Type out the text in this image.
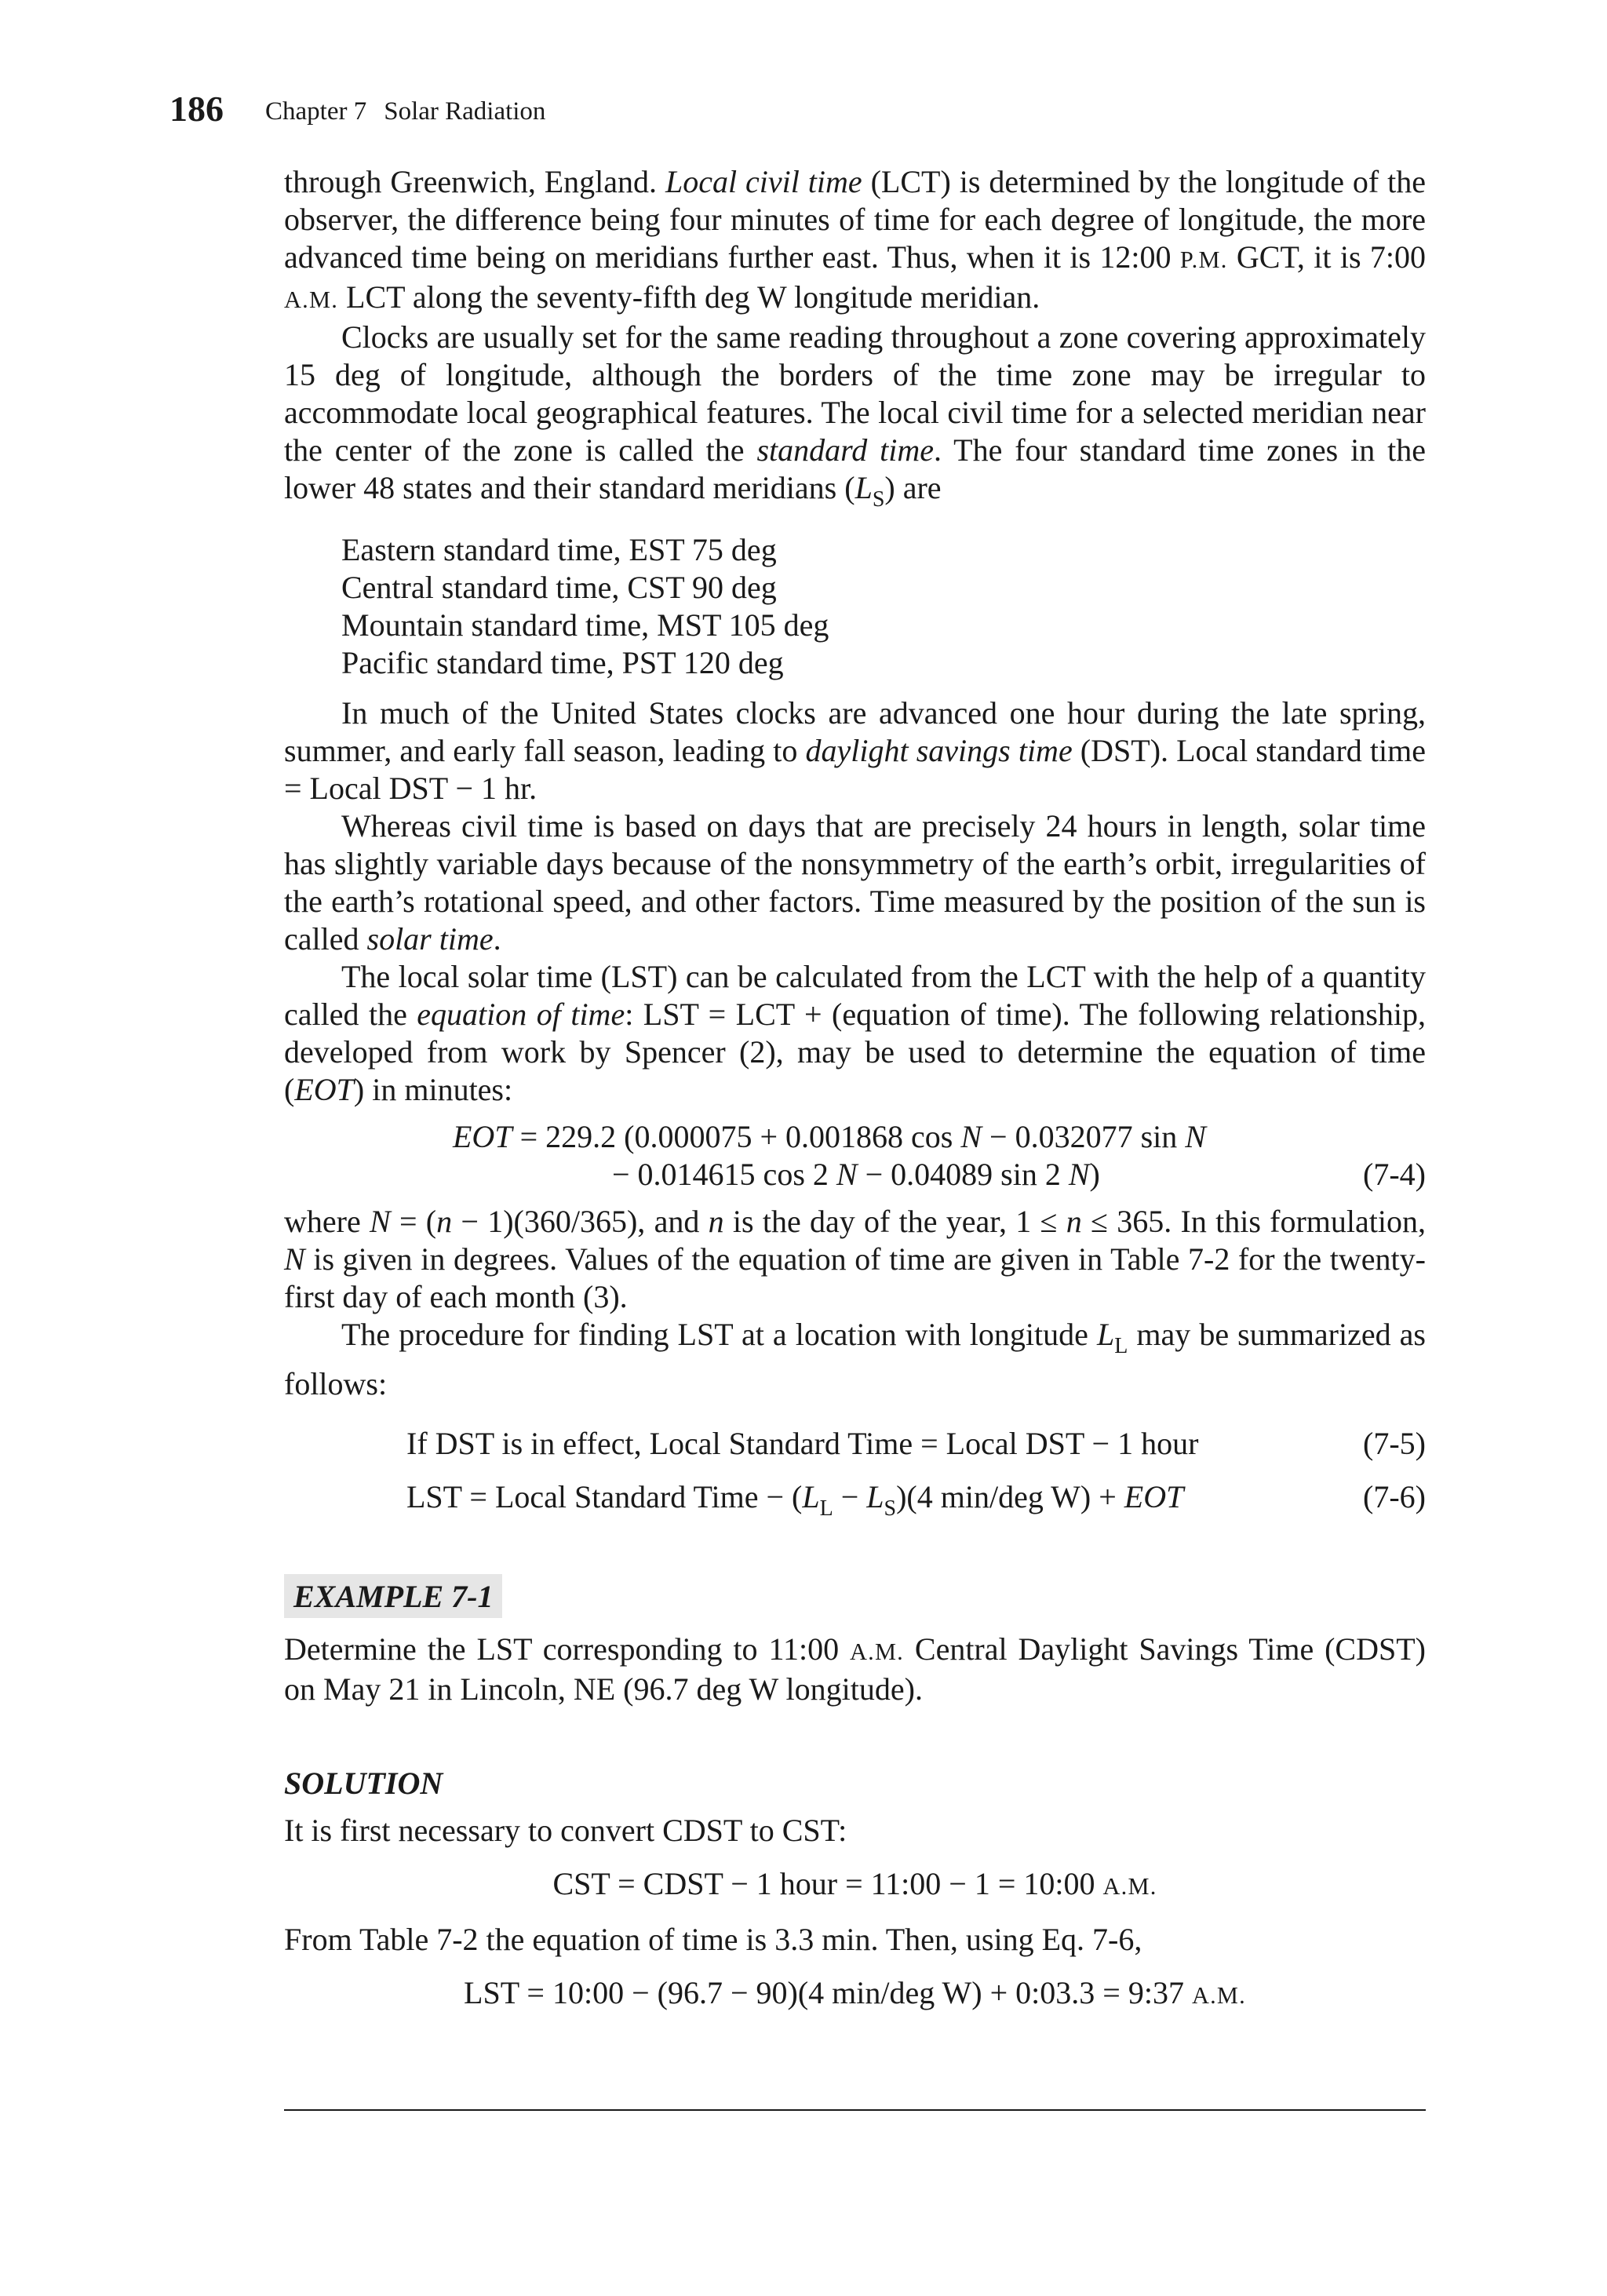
186 Chapter 7 Solar Radiation

through Greenwich, England. Local civil time (LCT) is determined by the longitude of the observer, the difference being four minutes of time for each degree of longitude, the more advanced time being on meridians further east. Thus, when it is 12:00 P.M. GCT, it is 7:00 A.M. LCT along the seventy-fifth deg W longitude meridian.

Clocks are usually set for the same reading throughout a zone covering approximately 15 deg of longitude, although the borders of the time zone may be irregular to accommodate local geographical features. The local civil time for a selected meridian near the center of the zone is called the standard time. The four standard time zones in the lower 48 states and their standard meridians $(L_S)$ are

Eastern standard time, EST 75 deg
Central standard time, CST 90 deg
Mountain standard time, MST 105 deg
Pacific standard time, PST 120 deg

In much of the United States clocks are advanced one hour during the late spring, summer, and early fall season, leading to daylight savings time (DST). Local standard time = Local DST − 1 hr.

Whereas civil time is based on days that are precisely 24 hours in length, solar time has slightly variable days because of the nonsymmetry of the earth’s orbit, irregularities of the earth’s rotational speed, and other factors. Time measured by the position of the sun is called solar time.

The local solar time (LST) can be calculated from the LCT with the help of a quantity called the equation of time: LST = LCT + (equation of time). The following relationship, developed from work by Spencer (2), may be used to determine the equation of time (EOT) in minutes:

EOT = 229.2 (0.000075 + 0.001868 cos N − 0.032077 sin N
− 0.014615 cos 2 N − 0.04089 sin 2 N)	(7-4)

where N = (n − 1)(360/365), and n is the day of the year, 1 ≤ n ≤ 365. In this formulation, N is given in degrees. Values of the equation of time are given in Table 7-2 for the twenty-first day of each month (3).

The procedure for finding LST at a location with longitude $L_L$ may be summarized as follows:

If DST is in effect, Local Standard Time = Local DST − 1 hour	(7-5)
LST = Local Standard Time − $(L_L - L_S)(4$ min/deg W) + EOT	(7-6)
EXAMPLE 7-1

Determine the LST corresponding to 11:00 A.M. Central Daylight Savings Time (CDST) on May 21 in Lincoln, NE (96.7 deg W longitude).

SOLUTION

It is first necessary to convert CDST to CST:

CST = CDST − 1 hour = 11:00 − 1 = 10:00 A.M.

From Table 7-2 the equation of time is 3.3 min. Then, using Eq. 7-6,

LST = 10:00 − (96.7 − 90)(4 min/deg W) + 0:03.3 = 9:37 A.M.
